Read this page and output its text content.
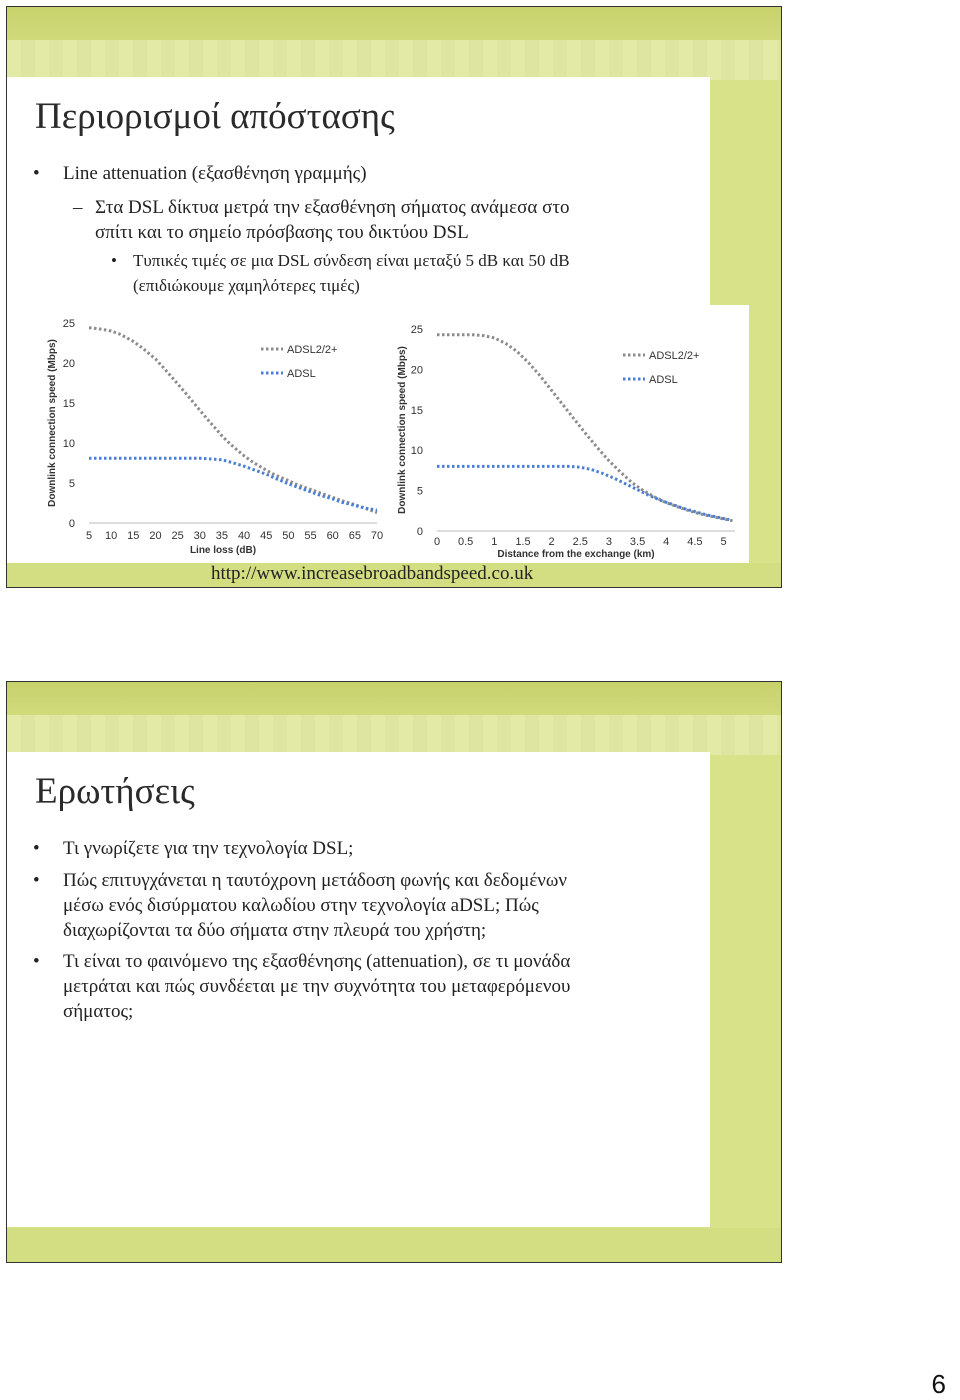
Περιορισμοί απόστασης
•	Line attenuation (εξασθένηση γραμμής)
– Στα DSL δίκτυα μετρά την εξασθένηση σήματος ανάμεσα στο
σπίτι και το σημείο πρόσβασης του δικτύου DSL
• Τυπικές τιμές σε μια DSL σύνδεση είναι μεταξύ 5 dB και 50 dB
(επιδιώκουμε χαμηλότερες τιμές)
0
5
10
15
20
25
5 10 15 20 25 30 35 40 45 50 55 60 65 70
Line loss (dB)
Downlink connection speed (Mbps)	ADSL2/2+
ADSL
0
5
10
15
20
25
0 0.5 1 1.5 2 2.5 3 3.5 4 4.5 5
Distance from the exchange (km)
Downlink connection speed (Mbps)	ADSL2/2+
ADSL
http://www.increasebroadbandspeed.co.uk
Ερωτήσεις
•	Τι γνωρίζετε για την τεχνολογία DSL;
•	Πώς επιτυγχάνεται η ταυτόχρονη μετάδοση φωνής και δεδομένων
μέσω ενός δισύρματου καλωδίου στην τεχνολογία aDSL; Πώς
διαχωρίζονται τα δύο σήματα στην πλευρά του χρήστη;
•	Τι είναι το φαινόμενο της εξασθένησης (attenuation), σε τι μονάδα
μετράται και πώς συνδέεται με την συχνότητα του μεταφερόμενου
σήματος;
6
